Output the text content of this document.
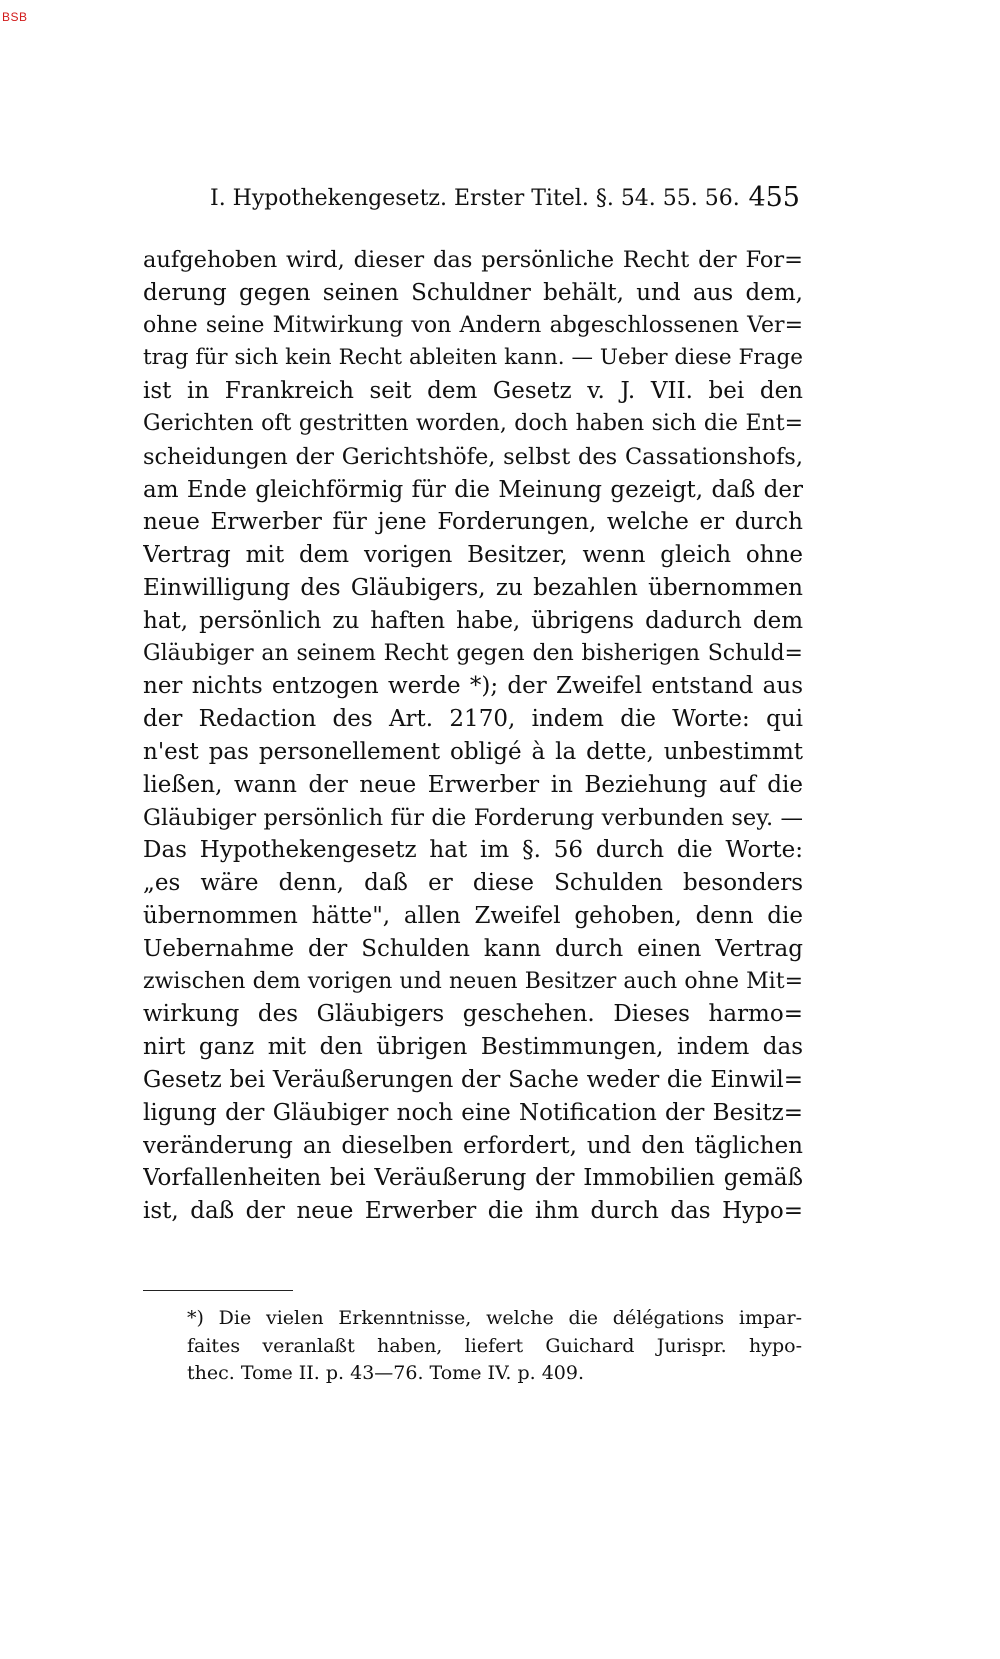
BSB
I. Hypothekengesetz. Erster Titel. §. 54. 55. 56. 455
aufgehoben wird, dieser das persönliche Recht der For=
derung gegen seinen Schuldner behält, und aus dem,
ohne seine Mitwirkung von Andern abgeschlossenen Ver=
trag für sich kein Recht ableiten kann. — Ueber diese Frage
ist in Frankreich seit dem Gesetz v. J. VII. bei den
Gerichten oft gestritten worden, doch haben sich die Ent=
scheidungen der Gerichtshöfe, selbst des Cassationshofs,
am Ende gleichförmig für die Meinung gezeigt, daß der
neue Erwerber für jene Forderungen, welche er durch
Vertrag mit dem vorigen Besitzer, wenn gleich ohne
Einwilligung des Gläubigers, zu bezahlen übernommen
hat, persönlich zu haften habe, übrigens dadurch dem
Gläubiger an seinem Recht gegen den bisherigen Schuld=
ner nichts entzogen werde *); der Zweifel entstand aus
der Redaction des Art. 2170, indem die Worte: qui
n'est pas personellement obligé à la dette, unbestimmt
ließen, wann der neue Erwerber in Beziehung auf die
Gläubiger persönlich für die Forderung verbunden sey. —
Das Hypothekengesetz hat im §. 56 durch die Worte:
„es wäre denn, daß er diese Schulden besonders
übernommen hätte", allen Zweifel gehoben, denn die
Uebernahme der Schulden kann durch einen Vertrag
zwischen dem vorigen und neuen Besitzer auch ohne Mit=
wirkung des Gläubigers geschehen. Dieses harmo=
nirt ganz mit den übrigen Bestimmungen, indem das
Gesetz bei Veräußerungen der Sache weder die Einwil=
ligung der Gläubiger noch eine Notification der Besitz=
veränderung an dieselben erfordert, und den täglichen
Vorfallenheiten bei Veräußerung der Immobilien gemäß
ist, daß der neue Erwerber die ihm durch das Hypo=
*) Die vielen Erkenntnisse, welche die délégations impar-
faites veranlaßt haben, liefert Guichard Jurispr. hypo-
thec. Tome II. p. 43—76. Tome IV. p. 409.
